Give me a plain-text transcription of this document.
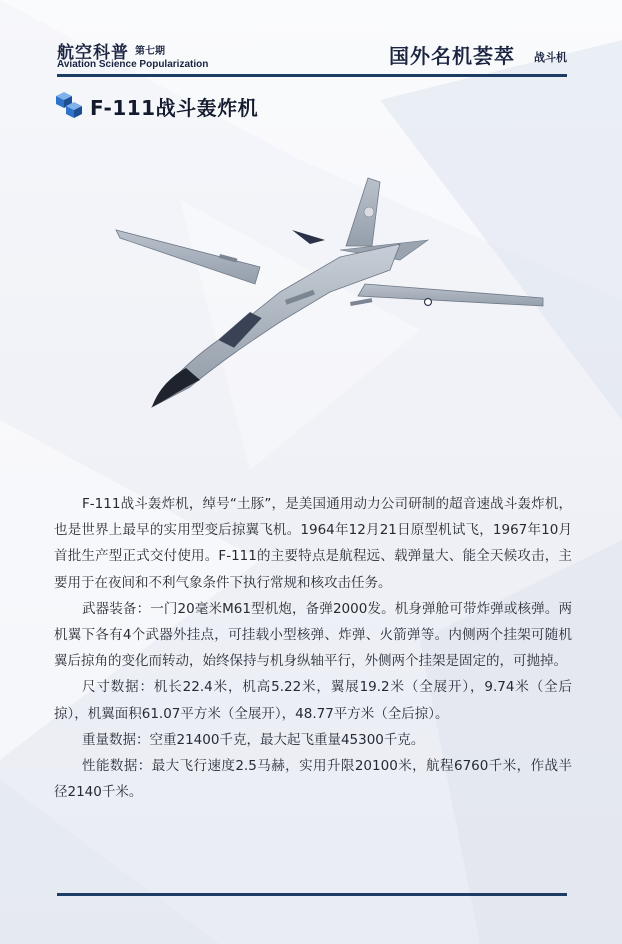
航空科普 第七期
Aviation Science Popularization	国外名机荟萃 战斗机
F-111战斗轰炸机

F-111战斗轰炸机，绰号“土豚”，是美国通用动力公司研制的超音速战斗轰炸机，也是世界上最早的实用型变后掠翼飞机。1964年12月21日原型机试飞，1967年10月首批生产型正式交付使用。F-111的主要特点是航程远、载弹量大、能全天候攻击，主要用于在夜间和不利气象条件下执行常规和核攻击任务。

武器装备：一门20毫米M61型机炮，备弹2000发。机身弹舱可带炸弹或核弹。两机翼下各有4个武器外挂点，可挂载小型核弹、炸弹、火箭弹等。内侧两个挂架可随机翼后掠角的变化而转动，始终保持与机身纵轴平行，外侧两个挂架是固定的，可抛掉。

尺寸数据：机长22.4米，机高5.22米，翼展19.2米（全展开），9.74米（全后掠），机翼面积61.07平方米（全展开），48.77平方米（全后掠）。

重量数据：空重21400千克，最大起飞重量45300千克。

性能数据：最大飞行速度2.5马赫，实用升限20100米，航程6760千米，作战半径2140千米。
